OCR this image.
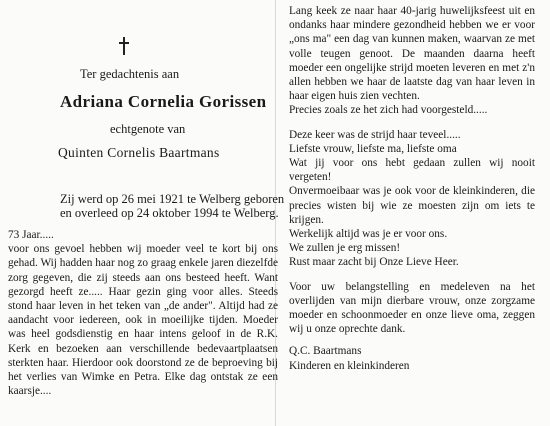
Ter gedachtenis aan
Adriana Cornelia Gorissen
echtgenote van
Quinten Cornelis Baartmans
Zij werd op 26 mei 1921 te Welberg geboren
en overleed op 24 oktober 1994 te Welberg.

73 Jaar.....

voor ons gevoel hebben wij moeder veel te kort bij ons gehad. Wij hadden haar nog zo graag enkele jaren diezelfde zorg gegeven, die zij steeds aan ons besteed heeft. Want gezorgd heeft ze..... Haar gezin ging voor alles. Steeds stond haar leven in het teken van „de ander". Altijd had ze aandacht voor iedereen, ook in moeilijke tijden. Moeder was heel godsdienstig en haar intens geloof in de R.K. Kerk en bezoeken aan verschillende bedevaartplaatsen sterkten haar. Hierdoor ook doorstond ze de beproeving bij het verlies van Wimke en Petra. Elke dag ontstak ze een kaarsje....

Lang keek ze naar haar 40-jarig huwelijksfeest uit en ondanks haar mindere gezondheid hebben we er voor „ons ma" een dag van kunnen maken, waarvan ze met volle teugen genoot. De maanden daarna heeft moeder een ongelijke strijd moeten leveren en met z'n allen hebben we haar de laatste dag van haar leven in haar eigen huis zien vechten.

Precies zoals ze het zich had voorgesteld.....

Deze keer was de strijd haar teveel.....

Liefste vrouw, liefste ma, liefste oma

Wat jij voor ons hebt gedaan zullen wij nooit vergeten!

Onvermoeibaar was je ook voor de kleinkinderen, die precies wisten bij wie ze moesten zijn om iets te krijgen.

Werkelijk altijd was je er voor ons.

We zullen je erg missen!

Rust maar zacht bij Onze Lieve Heer.

Voor uw belangstelling en medeleven na het overlijden van mijn dierbare vrouw, onze zorgzame moeder en schoonmoeder en onze lieve oma, zeggen wij u onze oprechte dank.

Q.C. Baartmans

Kinderen en kleinkinderen
